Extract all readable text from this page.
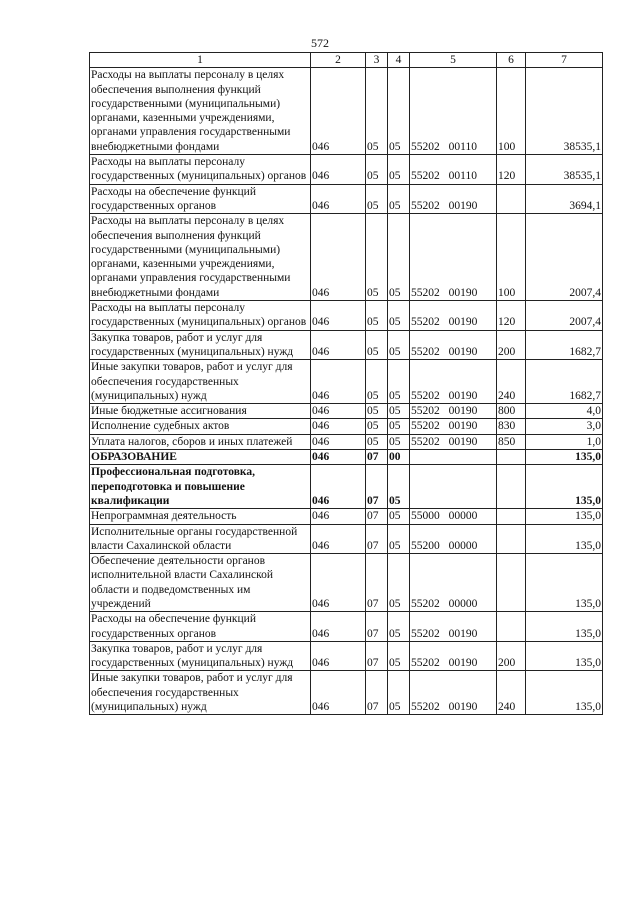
572
1	2	3	4	5	6	7
Расходы на выплаты персоналу в целях обеспечения выполнения функций государственными (муниципальными) органами, казенными учреждениями, органами управления государственными внебюджетными фондами	046	05	05	55202 00110	100	38535,1
Расходы на выплаты персоналу государственных (муниципальных) органов	046	05	05	55202 00110	120	38535,1
Расходы на обеспечение функций государственных органов	046	05	05	55202 00190		3694,1
Расходы на выплаты персоналу в целях обеспечения выполнения функций государственными (муниципальными) органами, казенными учреждениями, органами управления государственными внебюджетными фондами	046	05	05	55202 00190	100	2007,4
Расходы на выплаты персоналу государственных (муниципальных) органов	046	05	05	55202 00190	120	2007,4
Закупка товаров, работ и услуг для государственных (муниципальных) нужд	046	05	05	55202 00190	200	1682,7
Иные закупки товаров, работ и услуг для обеспечения государственных (муниципальных) нужд	046	05	05	55202 00190	240	1682,7
Иные бюджетные ассигнования	046	05	05	55202 00190	800	4,0
Исполнение судебных актов	046	05	05	55202 00190	830	3,0
Уплата налогов, сборов и иных платежей	046	05	05	55202 00190	850	1,0
ОБРАЗОВАНИЕ	046	07	00			135,0
Профессиональная подготовка, переподготовка и повышение квалификации	046	07	05			135,0
Непрограммная деятельность	046	07	05	55000 00000		135,0
Исполнительные органы государственной власти Сахалинской области	046	07	05	55200 00000		135,0
Обеспечение деятельности органов исполнительной власти Сахалинской области и подведомственных им учреждений	046	07	05	55202 00000		135,0
Расходы на обеспечение функций государственных органов	046	07	05	55202 00190		135,0
Закупка товаров, работ и услуг для государственных (муниципальных) нужд	046	07	05	55202 00190	200	135,0
Иные закупки товаров, работ и услуг для обеспечения государственных (муниципальных) нужд	046	07	05	55202 00190	240	135,0
